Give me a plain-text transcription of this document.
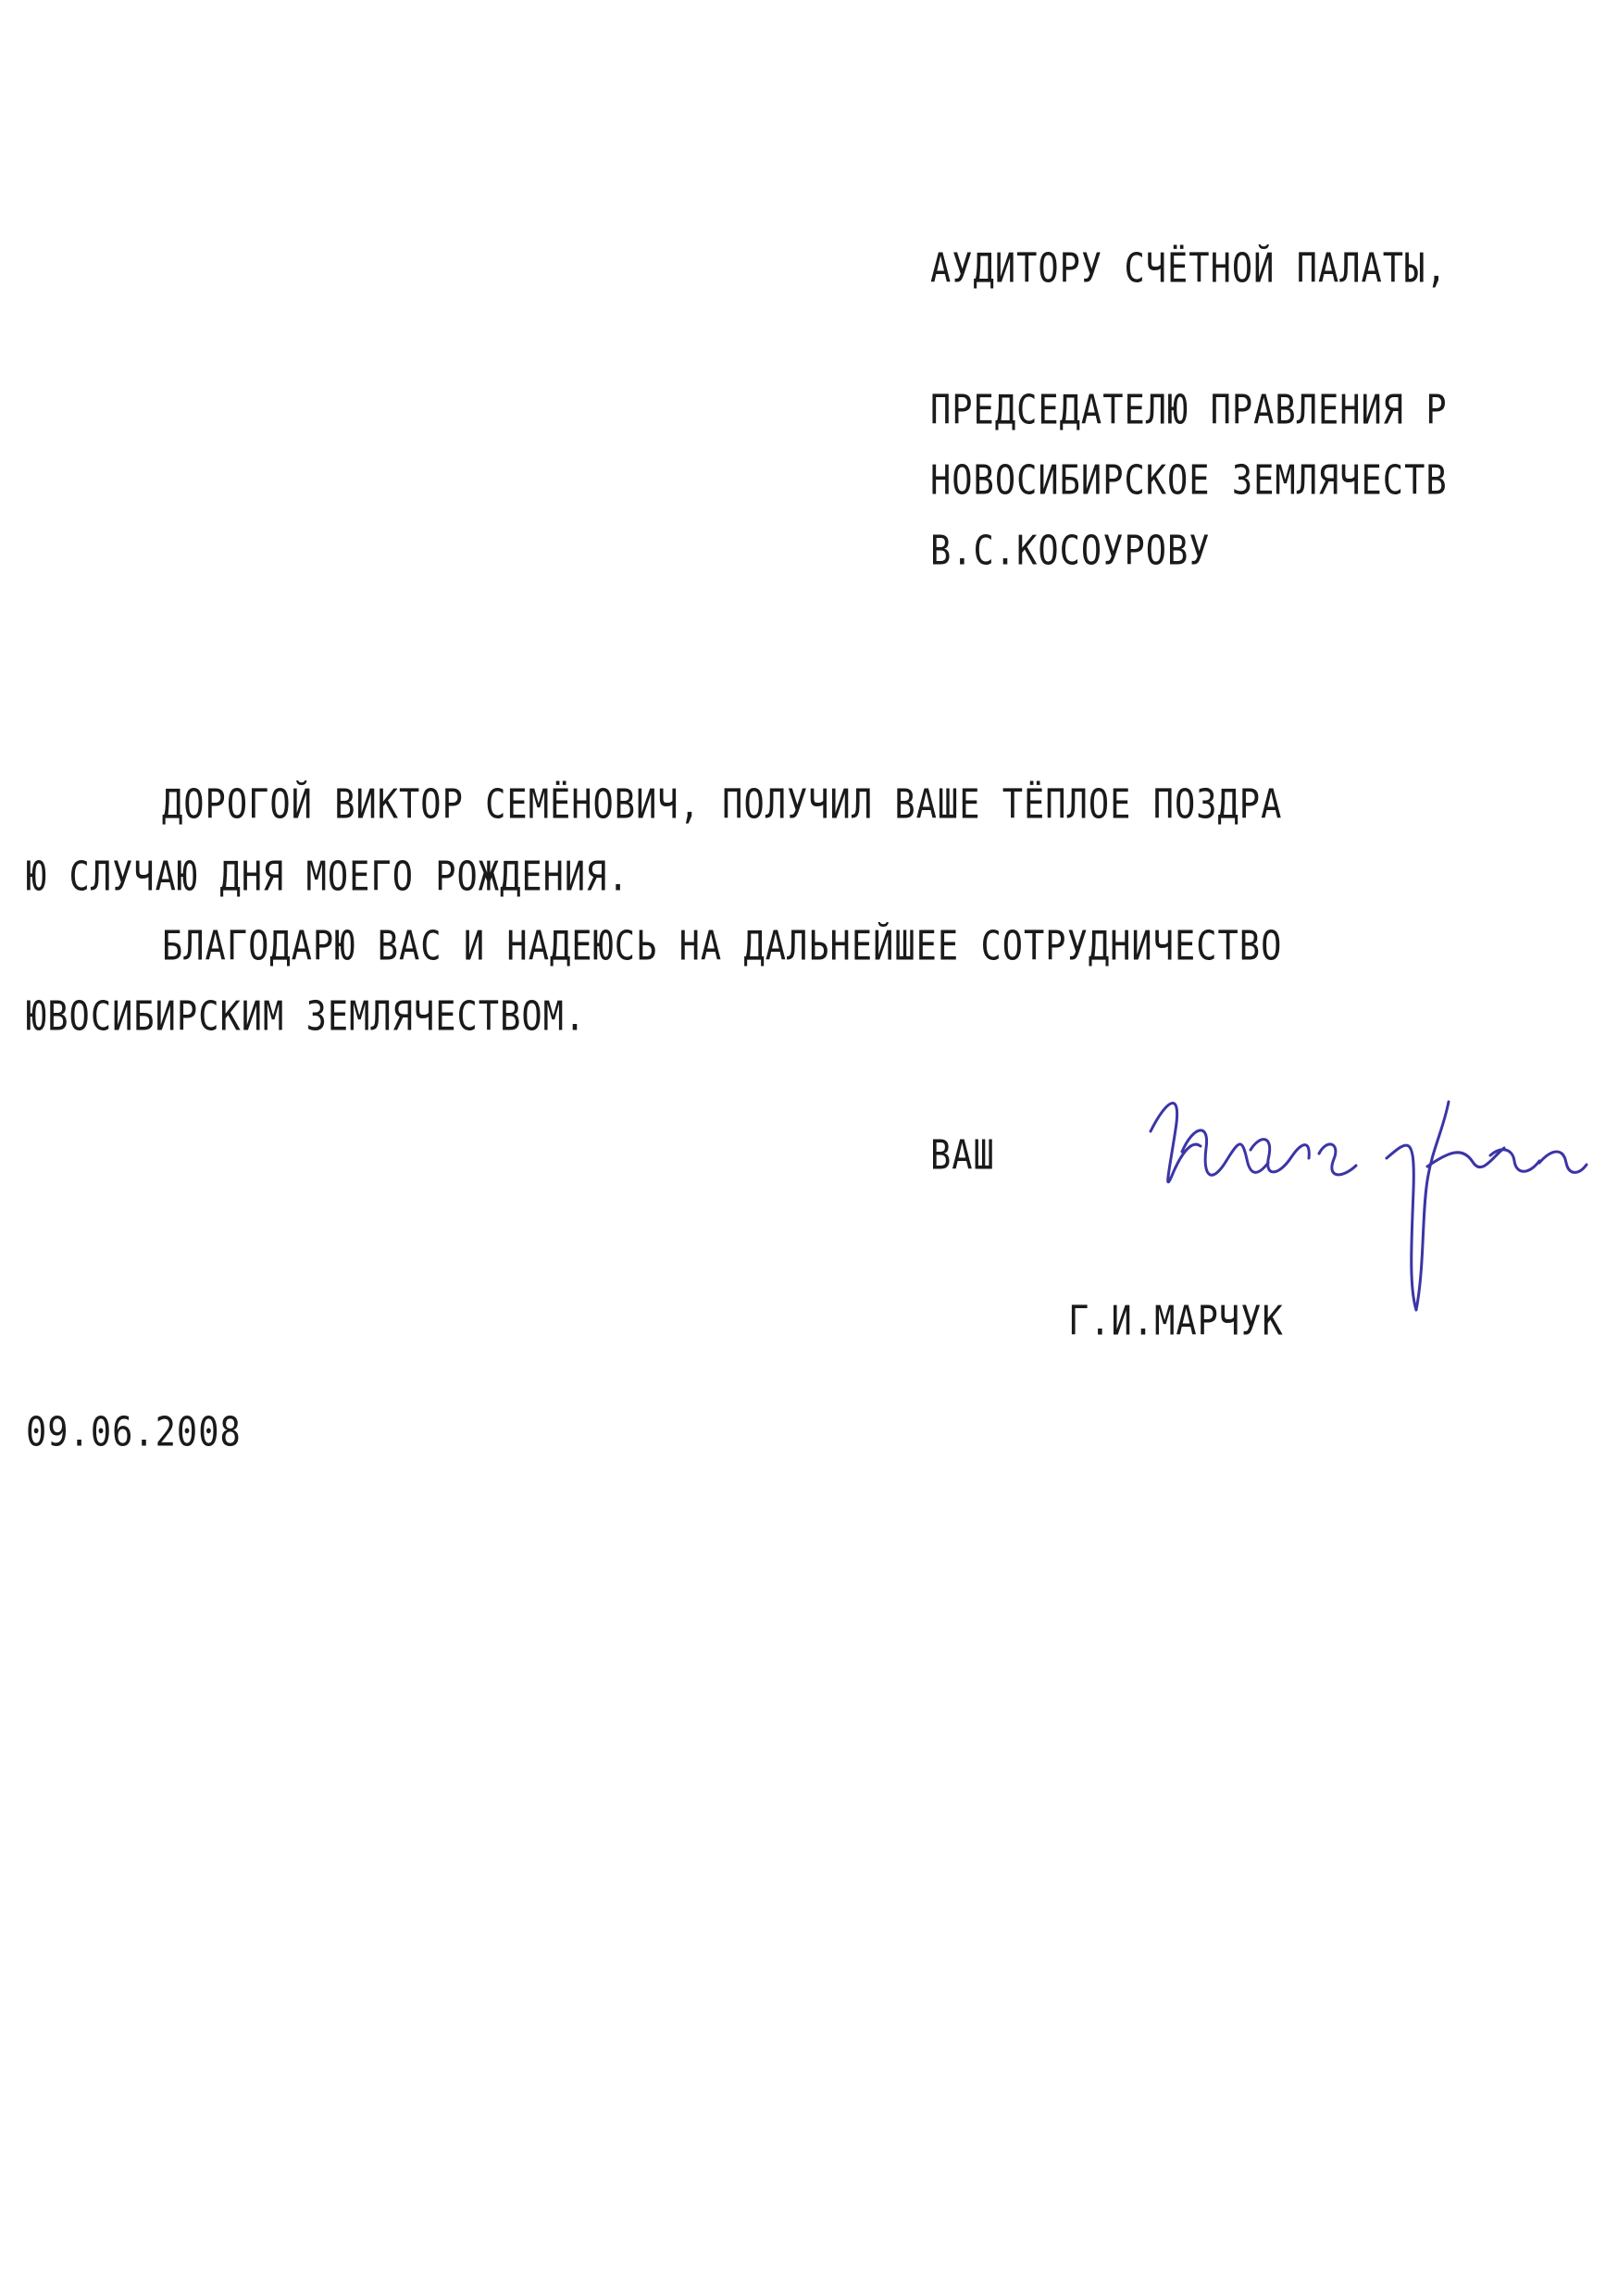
АУДИТОРУ СЧЁТНОЙ ПАЛАТЫ,
ПРЕДСЕДАТЕЛЮ ПРАВЛЕНИЯ Р
НОВОСИБИРСКОЕ ЗЕМЛЯЧЕСТВ
В.С.КОСОУРОВУ
ДОРОГОЙ ВИКТОР СЕМЁНОВИЧ, ПОЛУЧИЛ ВАШЕ ТЁПЛОЕ ПОЗДРА
Ю СЛУЧАЮ ДНЯ МОЕГО РОЖДЕНИЯ.
БЛАГОДАРЮ ВАС И НАДЕЮСЬ НА ДАЛЬНЕЙШЕЕ СОТРУДНИЧЕСТВО
ЮВОСИБИРСКИМ ЗЕМЛЯЧЕСТВОМ.
ВАШ
Г.И.МАРЧУК
09.06.2008
